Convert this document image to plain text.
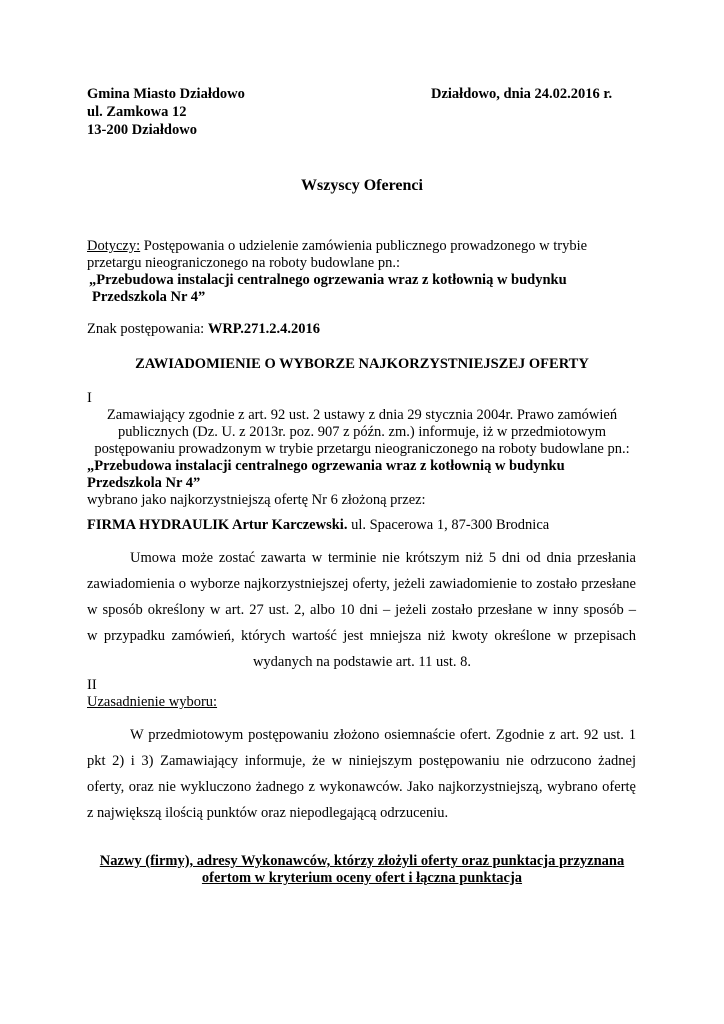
Gmina Miasto Działdowo
ul. Zamkowa 12
13-200 Działdowo
Działdowo, dnia 24.02.2016 r.
Wszyscy Oferenci
Dotyczy: Postępowania o udzielenie zamówienia publicznego prowadzonego w trybie
przetargu nieograniczonego na roboty budowlane pn.:
„Przebudowa instalacji centralnego ogrzewania wraz z kotłownią w budynku
Przedszkola Nr 4”
Znak postępowania: WRP.271.2.4.2016
ZAWIADOMIENIE O WYBORZE NAJKORZYSTNIEJSZEJ OFERTY
I
Zamawiający zgodnie z art. 92 ust. 2 ustawy z dnia 29 stycznia 2004r. Prawo zamówień
publicznych (Dz. U. z 2013r. poz. 907 z późn. zm.) informuje, iż w przedmiotowym
postępowaniu prowadzonym w trybie przetargu nieograniczonego na roboty budowlane pn.:
„Przebudowa instalacji centralnego ogrzewania wraz z kotłownią w budynku
Przedszkola Nr 4”
wybrano jako najkorzystniejszą ofertę Nr 6 złożoną przez:
FIRMA HYDRAULIK Artur Karczewski. ul. Spacerowa 1, 87-300 Brodnica
Umowa może zostać zawarta w terminie nie krótszym niż 5 dni od dnia przesłania
zawiadomienia o wyborze najkorzystniejszej oferty, jeżeli zawiadomienie to zostało przesłane
w sposób określony w art. 27 ust. 2, albo 10 dni – jeżeli zostało przesłane w inny sposób –
w przypadku zamówień, których wartość jest mniejsza niż kwoty określone w przepisach
wydanych na podstawie art. 11 ust. 8.
II
Uzasadnienie wyboru:
W przedmiotowym postępowaniu złożono osiemnaście ofert. Zgodnie z art. 92 ust. 1
pkt 2) i 3) Zamawiający informuje, że w niniejszym postępowaniu nie odrzucono żadnej
oferty, oraz nie wykluczono żadnego z wykonawców. Jako najkorzystniejszą, wybrano ofertę
z największą ilością punktów oraz niepodlegającą odrzuceniu.
Nazwy (firmy), adresy Wykonawców, którzy złożyli oferty oraz punktacja przyznana
ofertom w kryterium oceny ofert i łączna punktacja
